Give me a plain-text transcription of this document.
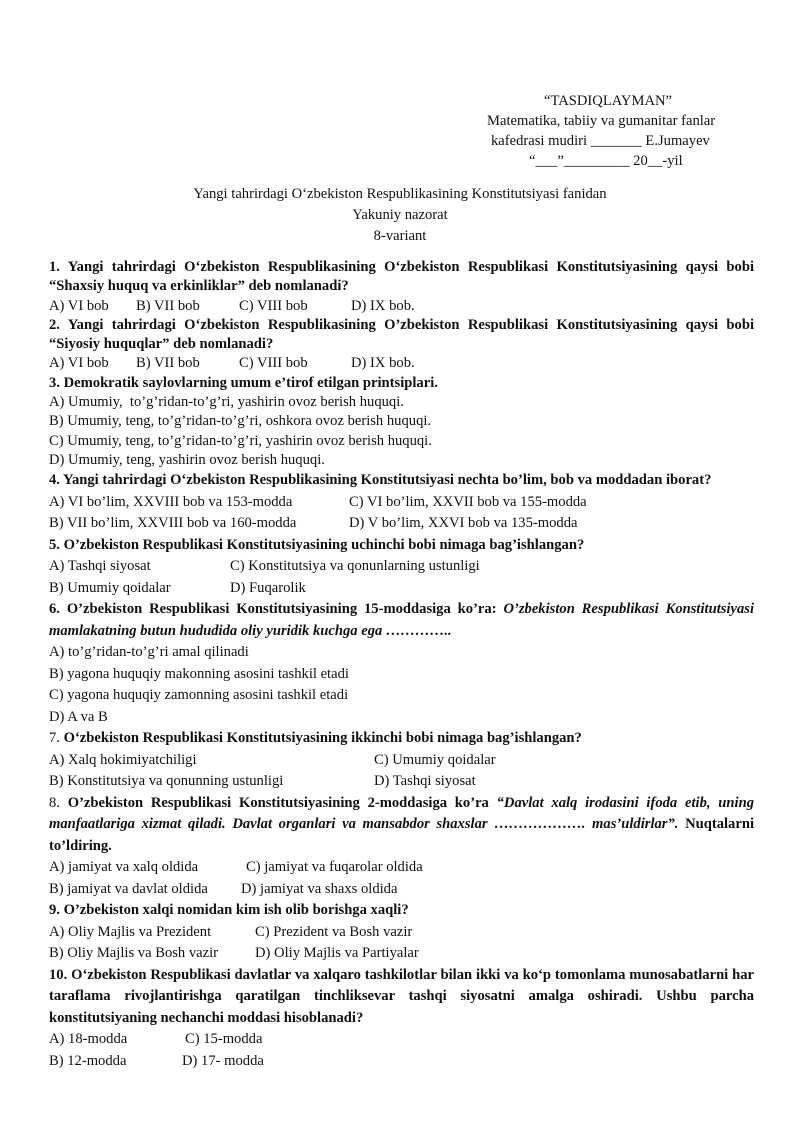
“TASDIQLAYMAN”
Matematika, tabiiy va gumanitar fanlar
kafedrasi mudiri _______ E.Jumayev
“___”_________ 20__-yil
Yangi tahrirdagi O‘zbekiston Respublikasining Konstitutsiyasi fanidan
Yakuniy nazorat
8-variant
1. Yangi tahrirdagi O‘zbekiston Respublikasining O‘zbekiston Respublikasi Konstitutsiyasining qaysi bobi “Shaxsiy huquq va erkinliklar” deb nomlanadi?
A) VI bob	B) VII bob	C) VIII bob	D) IX bob.
2. Yangi tahrirdagi O‘zbekiston Respublikasining O’zbekiston Respublikasi Konstitutsiyasining qaysi bobi “Siyosiy huquqlar” deb nomlanadi?
A) VI bob	B) VII bob	C) VIII bob	D) IX bob.
3. Demokratik saylovlarning umum e’tirof etilgan printsiplari.
A) Umumiy,  to’g’ridan-to’g’ri, yashirin ovoz berish huquqi.
B) Umumiy, teng, to’g’ridan-to’g’ri, oshkora ovoz berish huquqi.
C) Umumiy, teng, to’g’ridan-to’g’ri, yashirin ovoz berish huquqi.
D) Umumiy, teng, yashirin ovoz berish huquqi.
4. Yangi tahrirdagi O‘zbekiston Respublikasining Konstitutsiyasi nechta bo’lim, bob va moddadan iborat?
A) VI bo’lim, XXVIII bob va 153-modda	C) VI bo’lim, XXVII bob va 155-modda
B) VII bo’lim, XXVIII bob va 160-modda	D) V bo’lim, XXVI bob va 135-modda
5. O’zbekiston Respublikasi Konstitutsiyasining uchinchi bobi nimaga bag’ishlangan?
A) Tashqi siyosat	C) Konstitutsiya va qonunlarning ustunligi
B) Umumiy qoidalar	D) Fuqarolik
6. O’zbekiston Respublikasi Konstitutsiyasining 15-moddasiga ko’ra: O’zbekiston Respublikasi Konstitutsiyasi mamlakatning butun hududida oliy yuridik kuchga ega …………..
A) to’g’ridan-to’g’ri amal qilinadi
B) yagona huquqiy makonning asosini tashkil etadi
C) yagona huquqiy zamonning asosini tashkil etadi
D) A va B
7. O‘zbekiston Respublikasi Konstitutsiyasining ikkinchi bobi nimaga bag’ishlangan?
A) Xalq hokimiyatchiligi	C) Umumiy qoidalar
B) Konstitutsiya va qonunning ustunligi	D) Tashqi siyosat
8. O’zbekiston Respublikasi Konstitutsiyasining 2-moddasiga ko’ra “Davlat xalq irodasini ifoda etib, uning manfaatlariga xizmat qiladi. Davlat organlari va mansabdor shaxslar ………………. mas’uldirlar”. Nuqtalarni to’ldiring.
A) jamiyat va xalq oldida	C) jamiyat va fuqarolar oldida
B) jamiyat va davlat oldida	D) jamiyat va shaxs oldida
9. O’zbekiston xalqi nomidan kim ish olib borishga xaqli?
A) Oliy Majlis va Prezident	C) Prezident va Bosh vazir
B) Oliy Majlis va Bosh vazir	D) Oliy Majlis va Partiyalar
10. O‘zbekiston Respublikasi davlatlar va xalqaro tashkilotlar bilan ikki va ko‘p tomonlama munosabatlarni har taraflama rivojlantirishga qaratilgan tinchliksevar tashqi siyosatni amalga oshiradi. Ushbu parcha konstitutsiyaning nechanchi moddasi hisoblanadi?
A) 18-modda	C) 15-modda
B) 12-modda	D) 17- modda
